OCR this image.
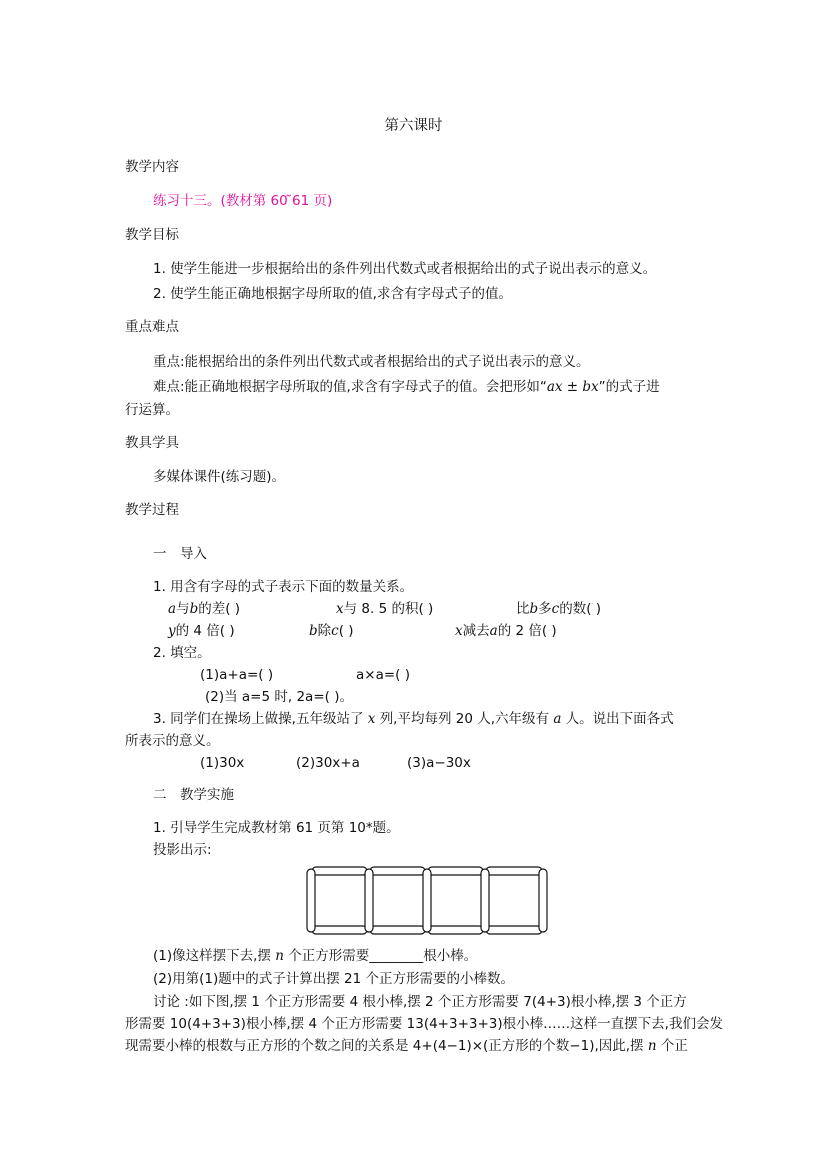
第六课时
教学内容
练习十三。(教材第 60 ̃61 页)
教学目标
1. 使学生能进一步根据给出的条件列出代数式或者根据给出的式子说出表示的意义。
2. 使学生能正确地根据字母所取的值,求含有字母式子的值。
重点难点
重点:能根据给出的条件列出代数式或者根据给出的式子说出表示的意义。
难点:能正确地根据字母所取的值,求含有字母式子的值。会把形如“ax ± bx”的式子进
行运算。
教具学具
多媒体课件(练习题)。
教学过程
一　导入
1. 用含有字母的式子表示下面的数量关系。
a与b的差( )	x与 8. 5 的积( )	比b多c的数( )
y的 4 倍( )	b除c( )	x减去a的 2 倍( )
2. 填空。
(1)a+a=( )	a×a=( )
(2)当 a=5 时, 2a=( )。
3. 同学们在操场上做操,五年级站了 x 列,平均每列 20 人,六年级有 a 人。说出下面各式
所表示的意义。
(1)30x	(2)30x+a	(3)a−30x
二　教学实施
1. 引导学生完成教材第 61 页第 10*题。
投影出示:
(1)像这样摆下去,摆 n 个正方形需要________根小棒。
(2)用第(1)题中的式子计算出摆 21 个正方形需要的小棒数。
讨论 :如下图,摆 1 个正方形需要 4 根小棒,摆 2 个正方形需要 7(4+3)根小棒,摆 3 个正方
形需要 10(4+3+3)根小棒,摆 4 个正方形需要 13(4+3+3+3)根小棒……这样一直摆下去,我们会发
现需要小棒的根数与正方形的个数之间的关系是 4+(4−1)×(正方形的个数−1),因此,摆 n 个正
